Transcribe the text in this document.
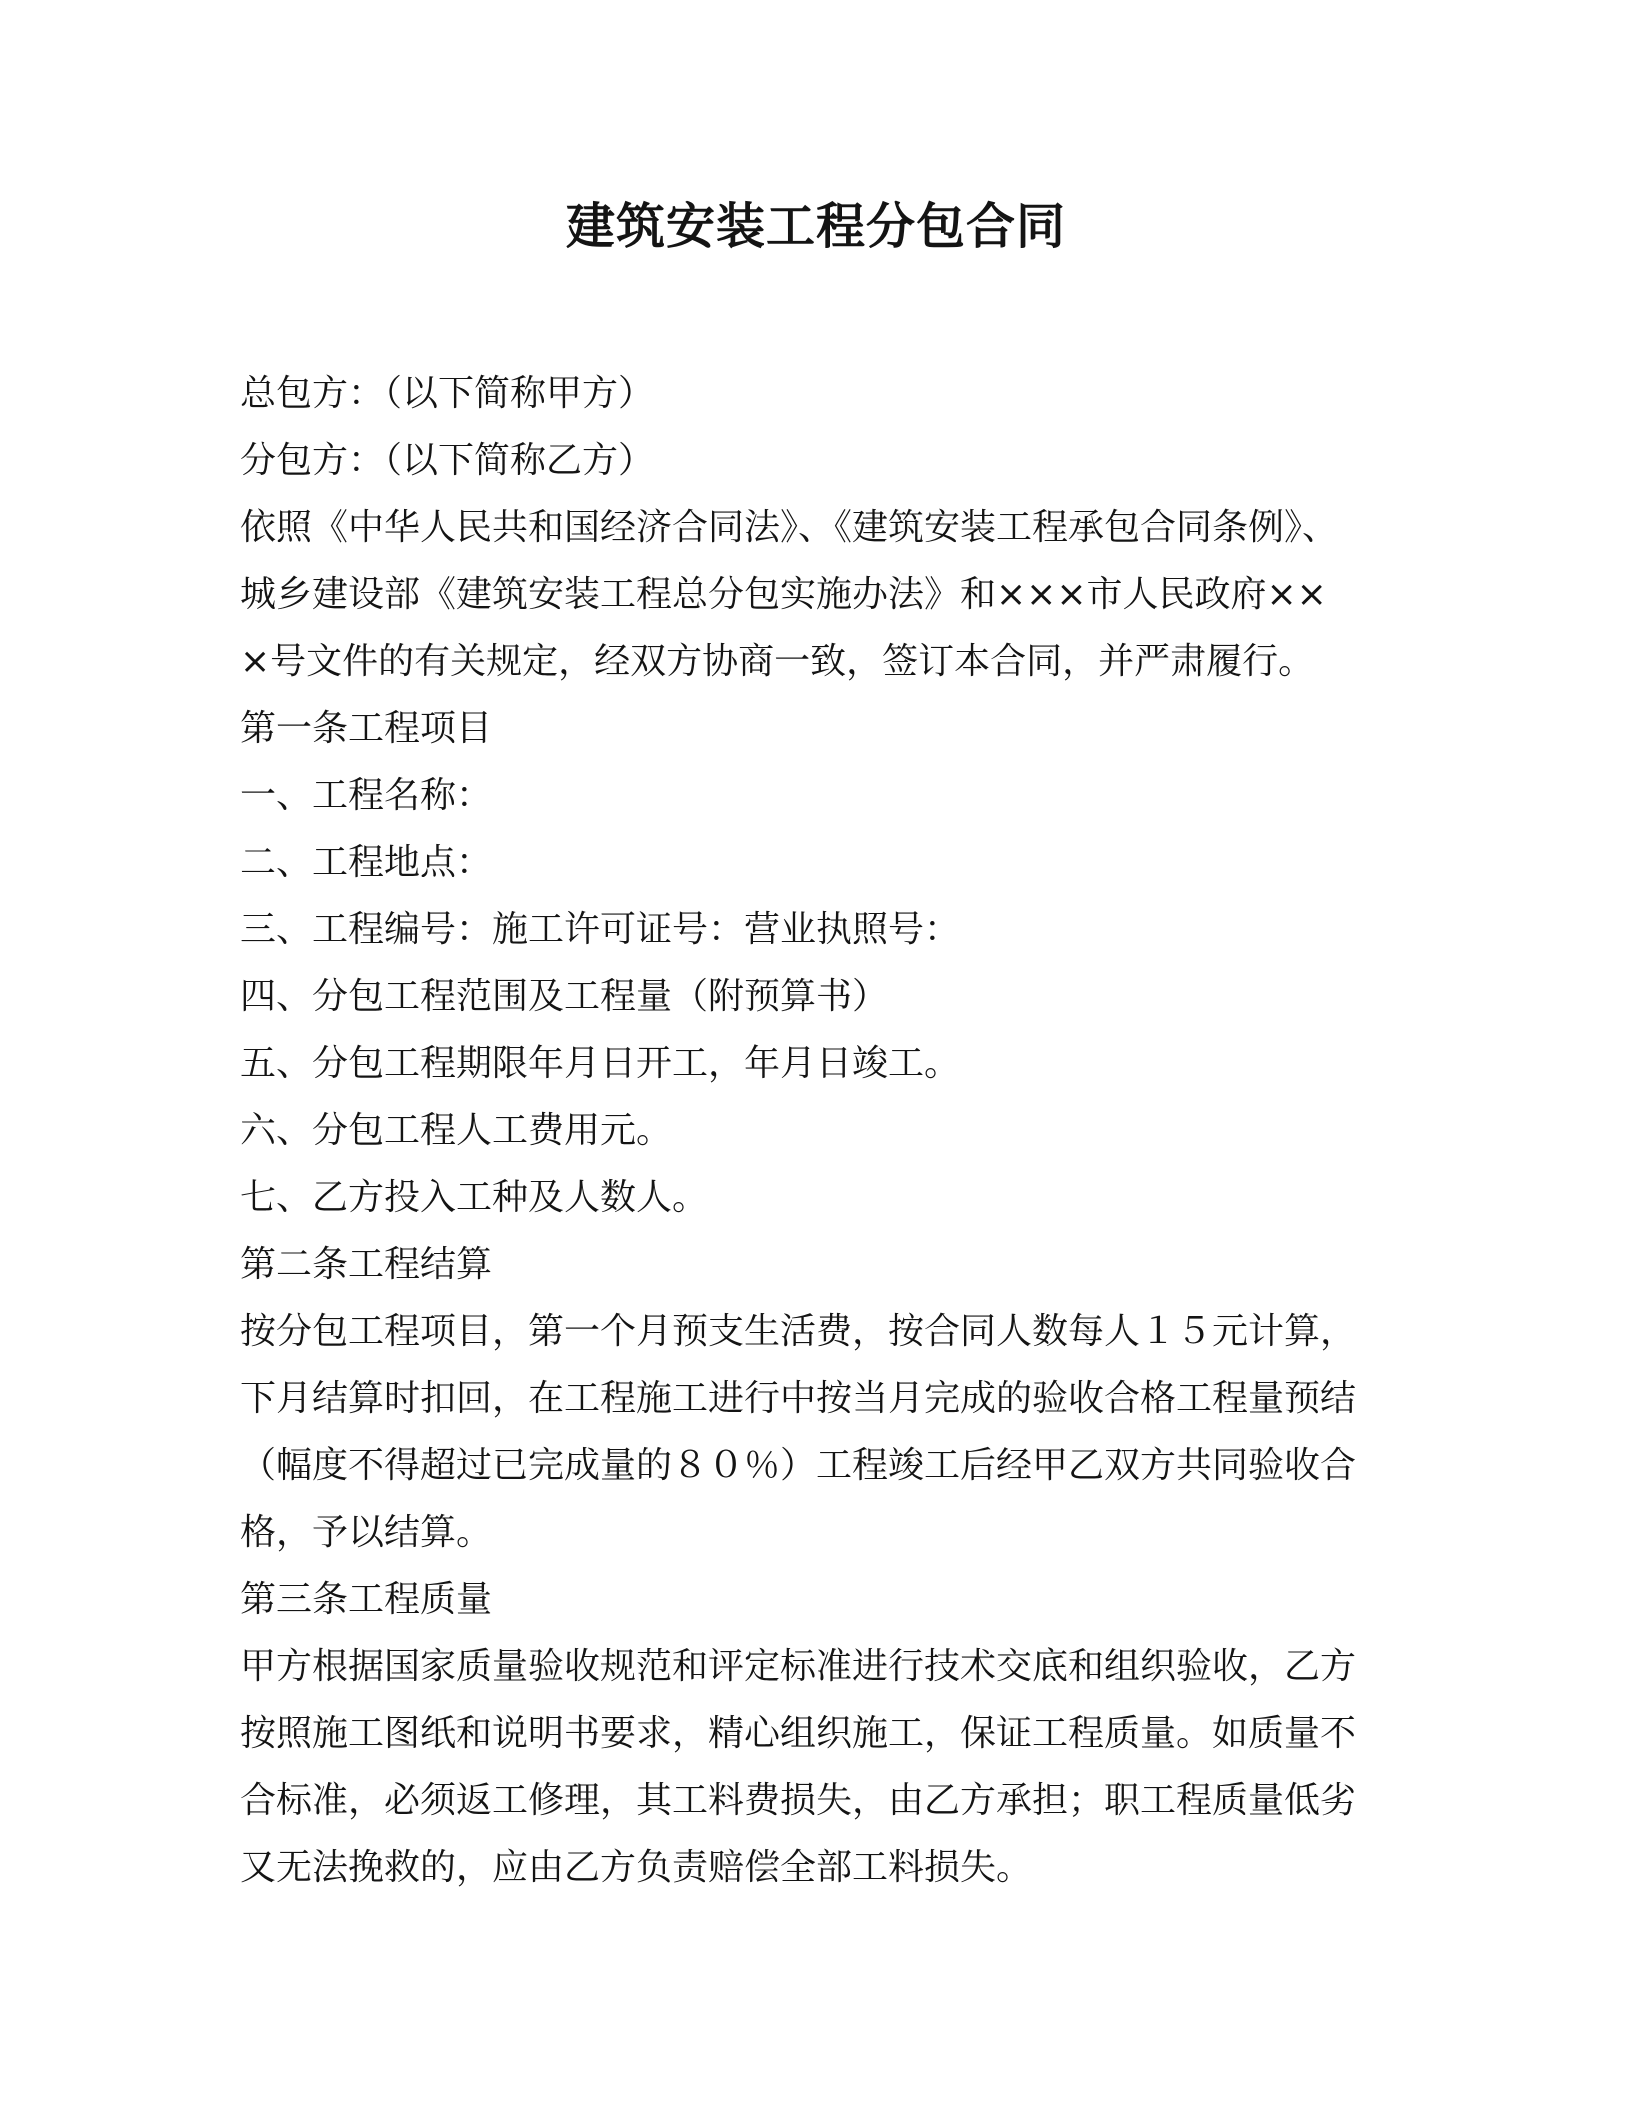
建筑安装工程分包合同

总包方：（以下简称甲方）

分包方：（以下简称乙方）

依照《中华人民共和国经济合同法》、《建筑安装工程承包合同条例》、

城乡建设部《建筑安装工程总分包实施办法》和×××市人民政府××

×号文件的有关规定，经双方协商一致，签订本合同，并严肃履行。

第一条工程项目

一、工程名称：

二、工程地点：

三、工程编号：施工许可证号：营业执照号：

四、分包工程范围及工程量（附预算书）

五、分包工程期限年月日开工，年月日竣工。

六、分包工程人工费用元。

七、乙方投入工种及人数人。

第二条工程结算

按分包工程项目，第一个月预支生活费，按合同人数每人１５元计算，

下月结算时扣回，在工程施工进行中按当月完成的验收合格工程量预结

（幅度不得超过已完成量的８０％）工程竣工后经甲乙双方共同验收合

格，予以结算。

第三条工程质量

甲方根据国家质量验收规范和评定标准进行技术交底和组织验收，乙方

按照施工图纸和说明书要求，精心组织施工，保证工程质量。如质量不

合标准，必须返工修理，其工料费损失，由乙方承担；职工程质量低劣

又无法挽救的，应由乙方负责赔偿全部工料损失。
